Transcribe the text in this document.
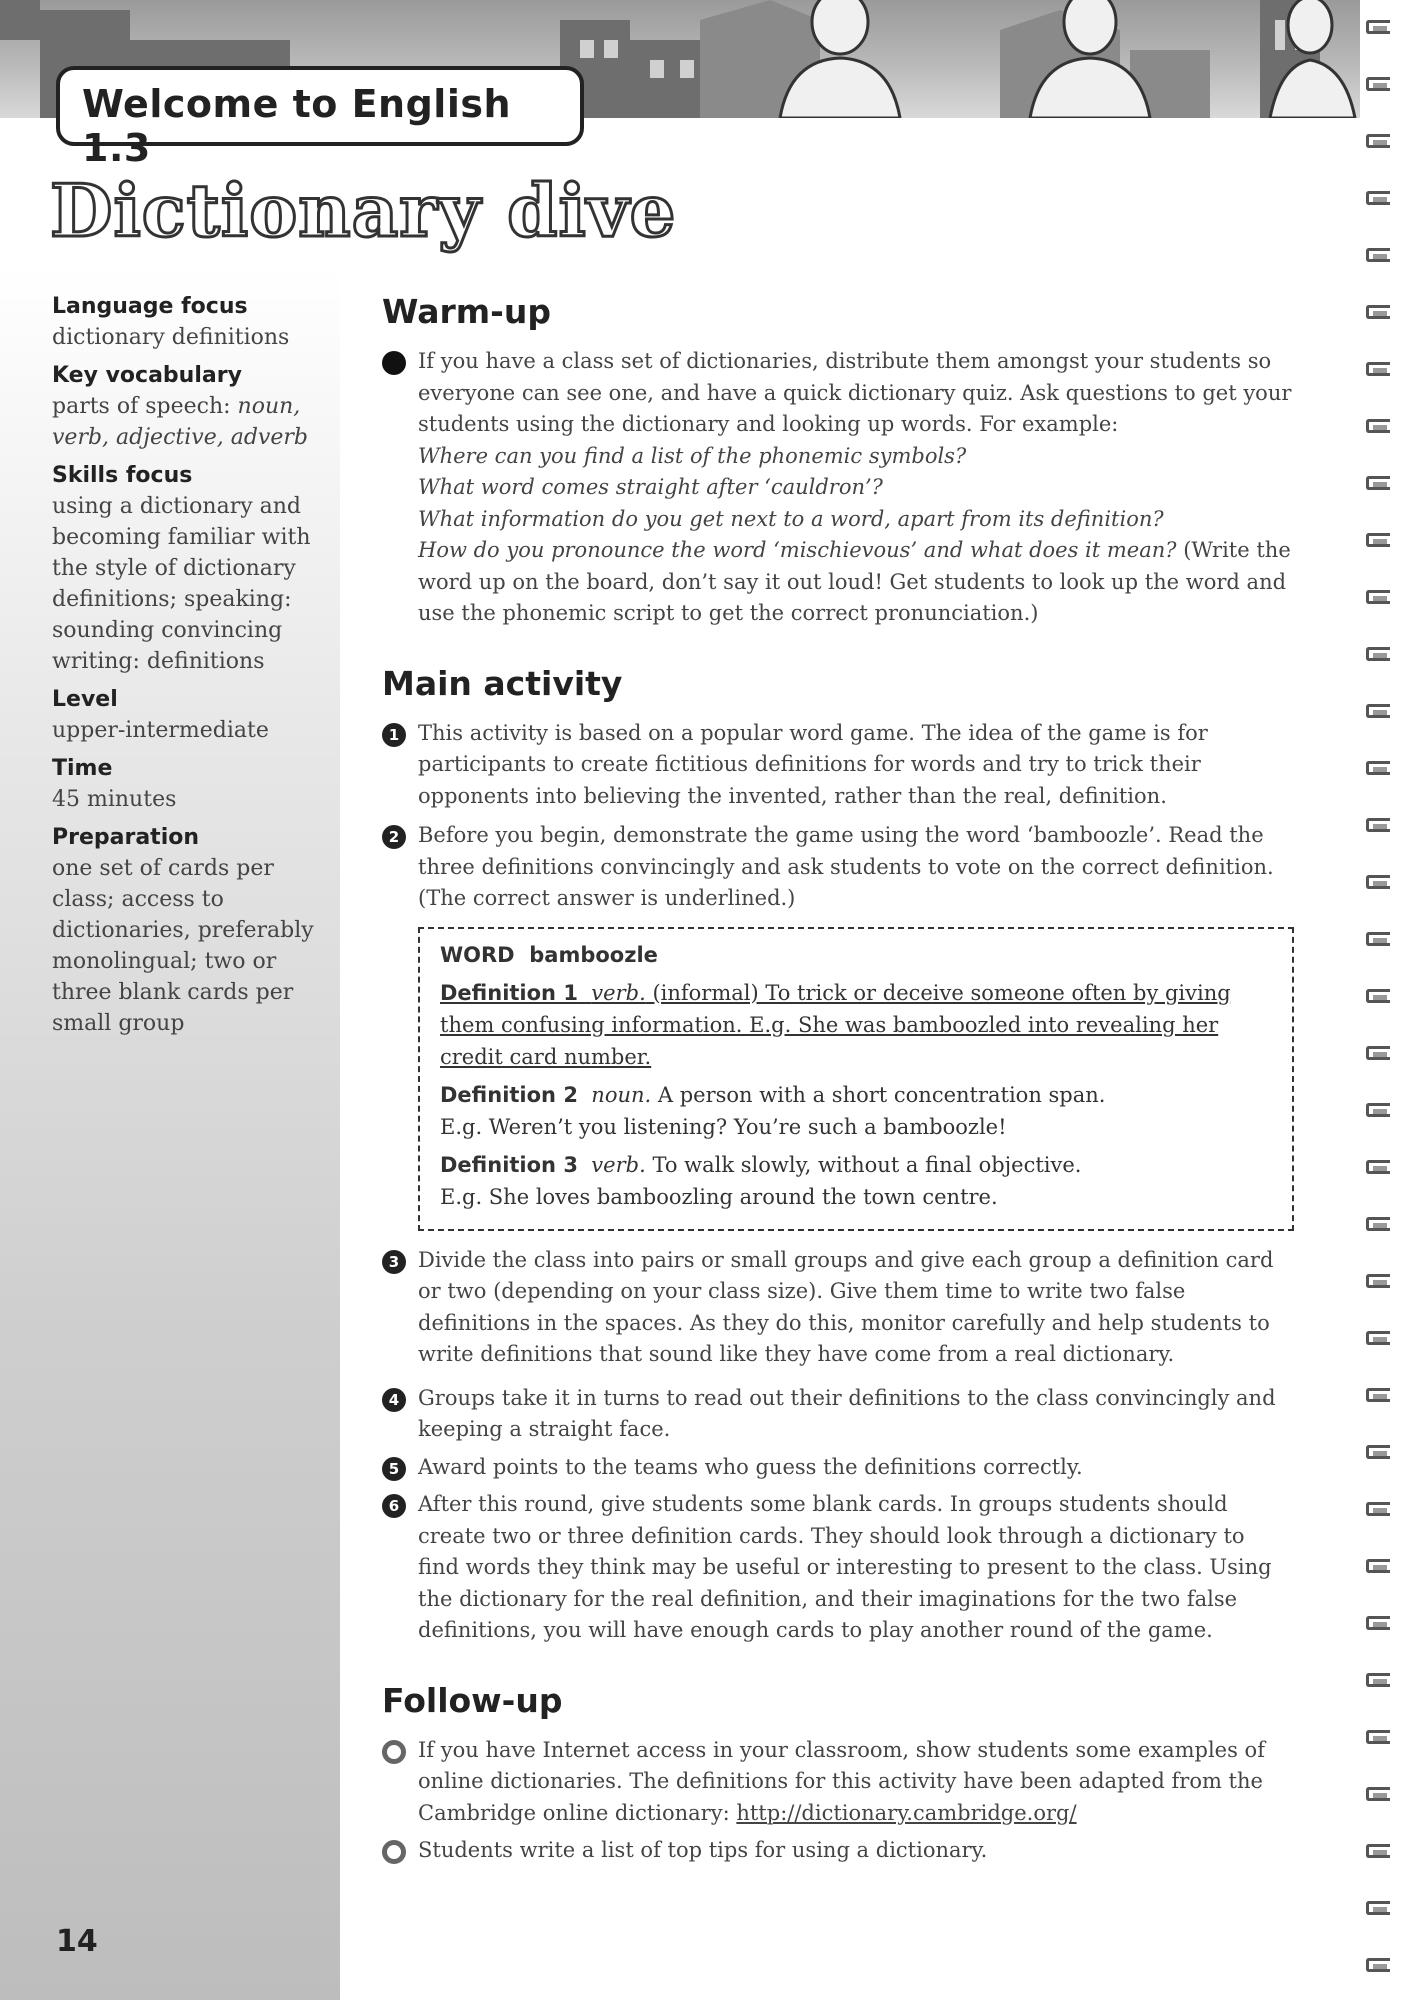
Welcome to English 1.3
Dictionary dive
Language focus
dictionary definitions
Key vocabulary
parts of speech: noun, verb, adjective, adverb
Skills focus
using a dictionary and becoming familiar with the style of dictionary definitions; speaking: sounding convincing writing: definitions
Level
upper-intermediate
Time
45 minutes
Preparation
one set of cards per class; access to dictionaries, preferably monolingual; two or three blank cards per small group
14
Warm-up
If you have a class set of dictionaries, distribute them amongst your students so everyone can see one, and have a quick dictionary quiz. Ask questions to get your students using the dictionary and looking up words. For example:
Where can you find a list of the phonemic symbols?
What word comes straight after ‘cauldron’?
What information do you get next to a word, apart from its definition?
How do you pronounce the word ‘mischievous’ and what does it mean? (Write the word up on the board, don’t say it out loud! Get students to look up the word and use the phonemic script to get the correct pronunciation.)
Main activity
1 This activity is based on a popular word game. The idea of the game is for participants to create fictitious definitions for words and try to trick their opponents into believing the invented, rather than the real, definition.
2 Before you begin, demonstrate the game using the word ‘bamboozle’. Read the three definitions convincingly and ask students to vote on the correct definition. (The correct answer is underlined.)
WORD bamboozle
Definition 1 verb. (informal) To trick or deceive someone often by giving them confusing information. E.g. She was bamboozled into revealing her credit card number.
Definition 2 noun. A person with a short concentration span.
E.g. Weren’t you listening? You’re such a bamboozle!
Definition 3 verb. To walk slowly, without a final objective.
E.g. She loves bamboozling around the town centre.
3 Divide the class into pairs or small groups and give each group a definition card or two (depending on your class size). Give them time to write two false definitions in the spaces. As they do this, monitor carefully and help students to write definitions that sound like they have come from a real dictionary.
4 Groups take it in turns to read out their definitions to the class convincingly and keeping a straight face.
5 Award points to the teams who guess the definitions correctly.
6 After this round, give students some blank cards. In groups students should create two or three definition cards. They should look through a dictionary to find words they think may be useful or interesting to present to the class. Using the dictionary for the real definition, and their imaginations for the two false definitions, you will have enough cards to play another round of the game.
Follow-up
If you have Internet access in your classroom, show students some examples of online dictionaries. The definitions for this activity have been adapted from the Cambridge online dictionary: http://dictionary.cambridge.org/
Students write a list of top tips for using a dictionary.
